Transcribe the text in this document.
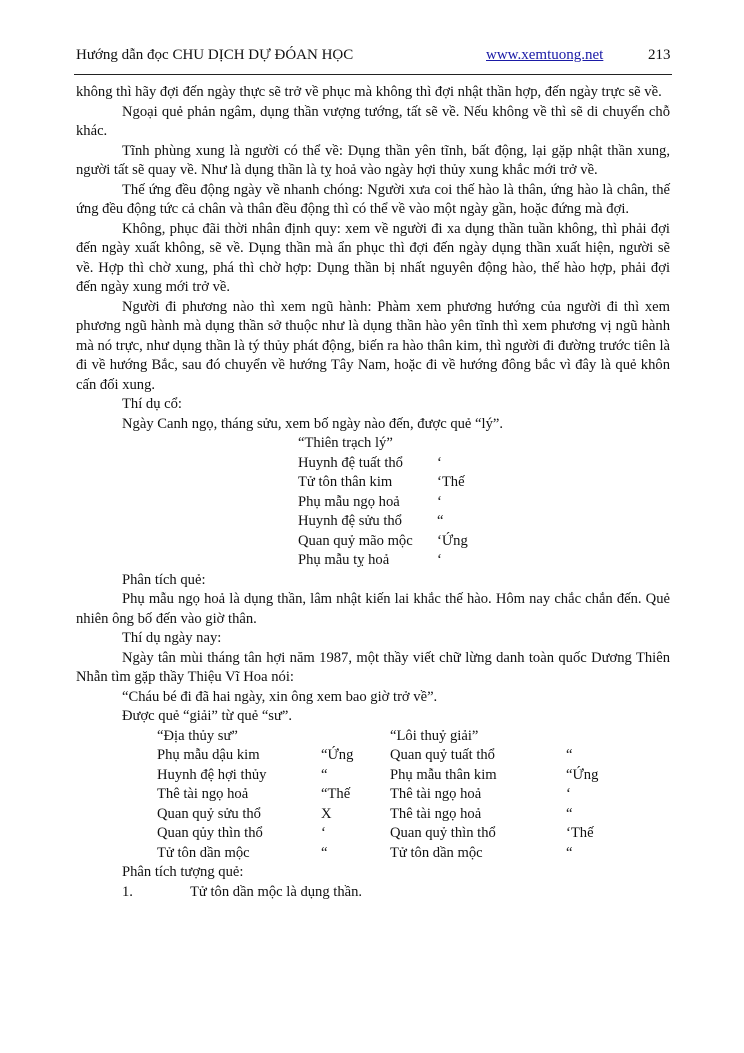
Hướng dẫn đọc CHU DỊCH DỰ ĐÓAN HỌC	www.xemtuong.net	213

không thì hãy đợi đến ngày thực sẽ trở về phục mà không thì đợi nhật thần hợp, đến ngày trực sẽ về.

Ngoại quẻ phản ngâm, dụng thần vượng tướng, tất sẽ về. Nếu không về thì sẽ di chuyển chỗ khác.

Tĩnh phùng xung là người có thể về: Dụng thần yên tĩnh, bất động, lại gặp nhật thần xung, người tất sẽ quay về. Như là dụng thần là tỵ hoả vào ngày hợi thủy xung khắc mới trở về.

Thế ứng đều động ngày về nhanh chóng: Người xưa coi thế hào là thân, ứng hào là chân, thế ứng đều động tức cả chân và thân đều động thì có thể về vào một ngày gần, hoặc đứng mà đợi.

Không, phục đãi thời nhân định quy: xem về người đi xa dụng thần tuần không, thì phải đợi đến ngày xuất không, sẽ về. Dụng thần mà ẩn phục thì đợi đến ngày dụng thần xuất hiện, người sẽ về. Hợp thì chờ xung, phá thì chờ hợp: Dụng thần bị nhất nguyên động hào, thế hào hợp, phải đợi đến ngày xung mới trở về.

Người đi phương nào thì xem ngũ hành: Phàm xem phương hướng của người đi thì xem phương ngũ hành mà dụng thần sở thuộc như là dụng thần hào yên tĩnh thì xem phương vị ngũ hành mà nó trực, như dụng thần là tý thủy phát động, biến ra hào thân kim, thì người đi đường trước tiên là đi về hướng Bắc, sau đó chuyển về hướng Tây Nam, hoặc đi về hướng đông bắc vì đây là quẻ khôn cấn đối xung.

Thí dụ cổ:

Ngày Canh ngọ, tháng sửu, xem bố ngày nào đến, được quẻ “lý”.

“Thiên trạch lý”
Huynh đệ tuất thổ ‘
Tử tôn thân kim	‘Thế
Phụ mẫu ngọ hoả	‘
Huynh đệ sửu thổ “
Quan quỷ mão mộc ‘Ứng
Phụ mẫu tỵ hoả	‘

Phân tích quẻ:

Phụ mẫu ngọ hoả là dụng thần, lâm nhật kiến lai khắc thế hào. Hôm nay chắc chắn đến. Quẻ nhiên ông bố đến vào giờ thân.

Thí dụ ngày nay:

Ngày tân mùi tháng tân hợi năm 1987, một thầy viết chữ lừng danh toàn quốc Dương Thiên Nhẫn tìm gặp thầy Thiệu Vĩ Hoa nói:

“Cháu bé đi đã hai ngày, xin ông xem bao giờ trở về”.

Được quẻ “giải” từ quẻ “sư”.

“Địa thủy sư”	“Lôi thuỷ giải”
Phụ mẫu dậu kim	“Ứng	Quan quỷ tuất thổ	“
Huynh đệ hợi thủy	“	Phụ mẫu thân kim	“Ứng
Thê tài ngọ hoả	“Thế	Thê tài ngọ hoả	‘
Quan quỷ sửu thổ	X	Thê tài ngọ hoả	“
Quan qủy thìn thổ	‘	Quan quỷ thìn thổ	‘Thế
Tử tôn dần mộc	“	Tử tôn dần mộc	“

Phân tích tượng quẻ:

1.	Tử tôn dần mộc là dụng thần.
